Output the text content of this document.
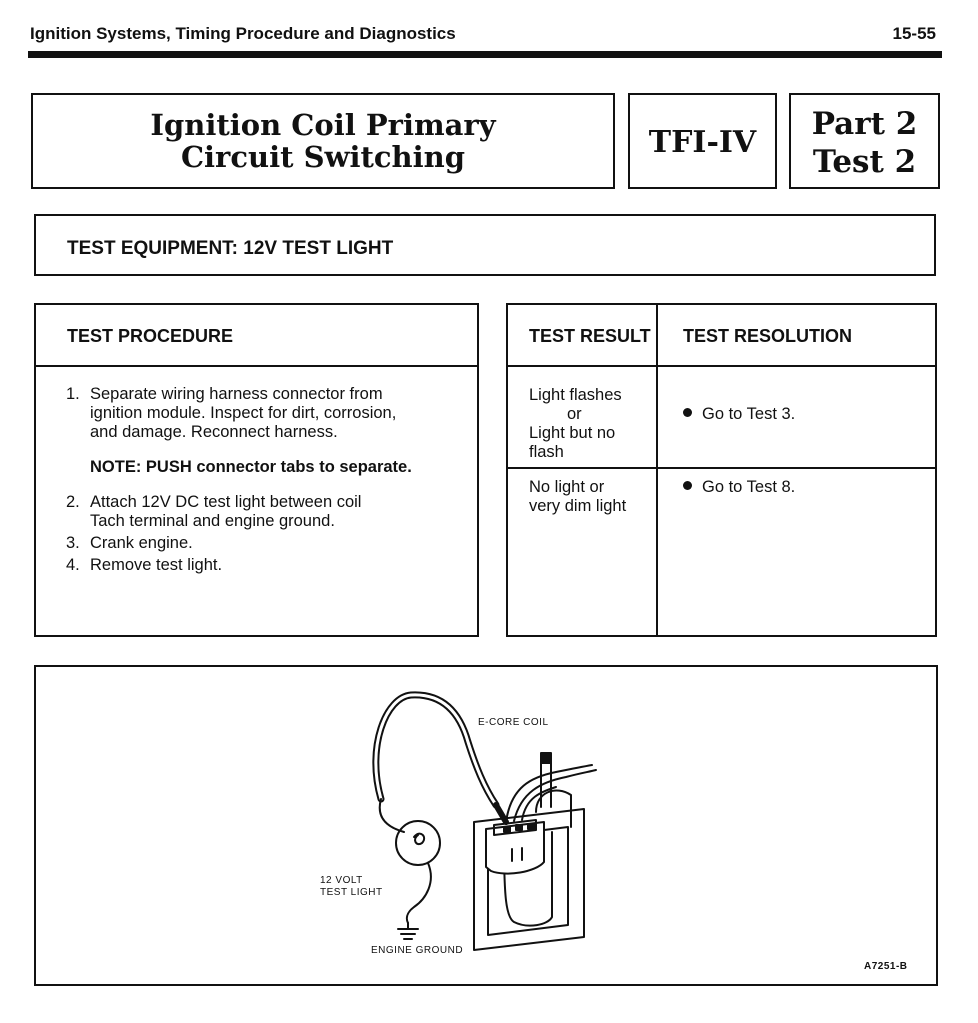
Ignition Systems, Timing Procedure and Diagnostics	15-55
Ignition Coil Primary
Circuit Switching	TFI-IV
Part 2
Test 2
TEST EQUIPMENT: 12V TEST LIGHT
TEST PROCEDURE
1. Separate wiring harness connector from
ignition module. Inspect for dirt, corrosion,
and damage. Reconnect harness.
NOTE: PUSH connector tabs to separate.
2. Attach 12V DC test light between coil
Tach terminal and engine ground.
3. Crank engine.
4. Remove test light.
TEST RESULT TEST RESOLUTION
Light flashes
or
Light but no
flash
Go to Test 3.
No light or
very dim light
Go to Test 8.
E-CORE COIL
12 VOLT
TEST LIGHT
ENGINE GROUND
A7251-B
